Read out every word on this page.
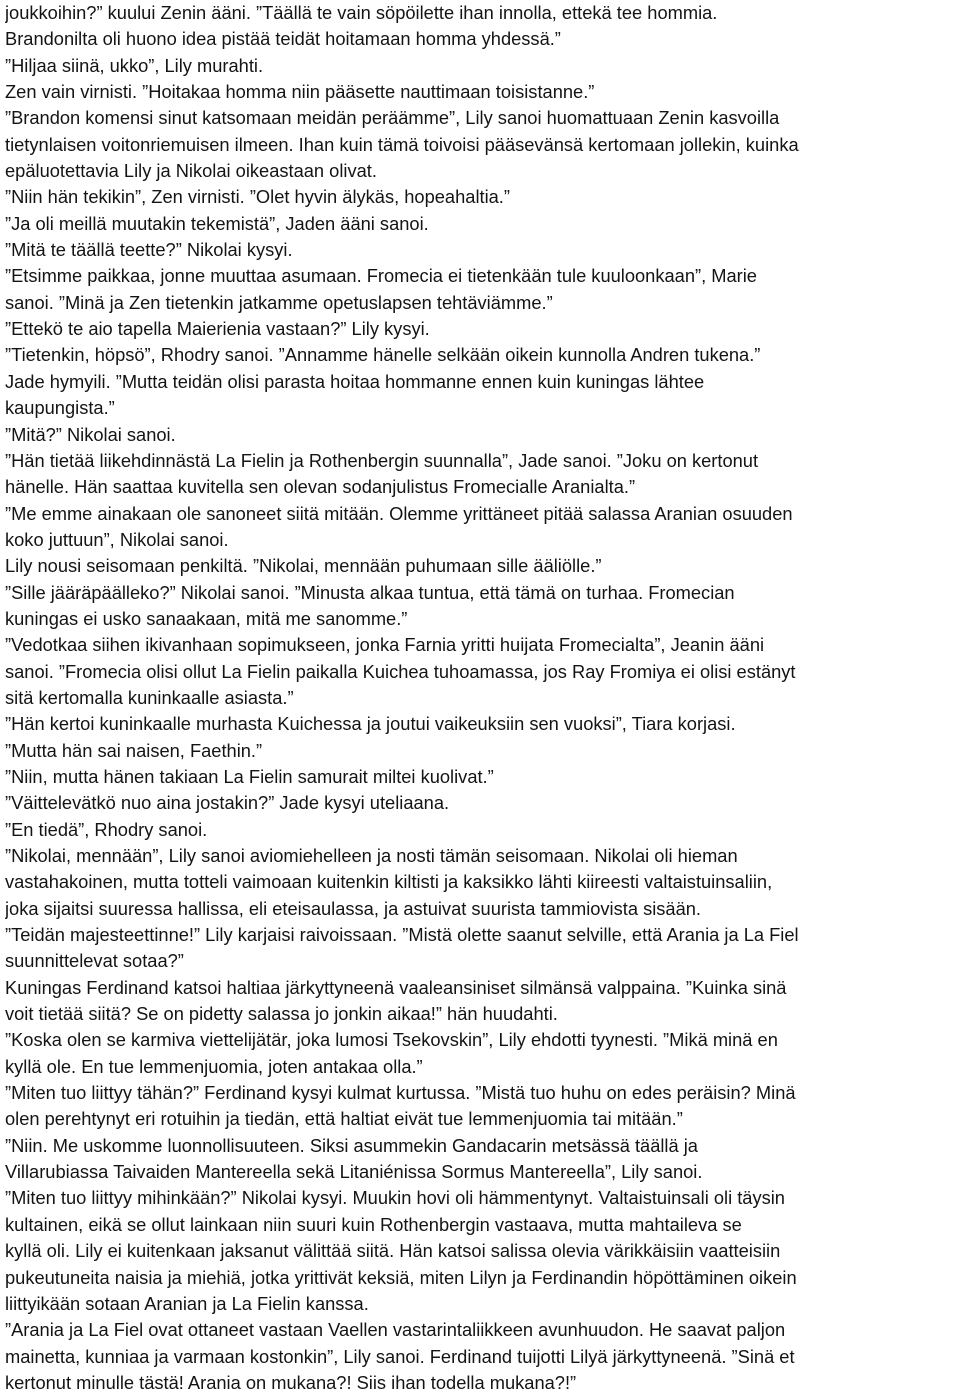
joukkoihin?” kuului Zenin ääni. ”Täällä te vain söpöilette ihan innolla, ettekä tee hommia.
Brandonilta oli huono idea pistää teidät hoitamaan homma yhdessä.”
”Hiljaa siinä, ukko”, Lily murahti.
Zen vain virnisti. ”Hoitakaa homma niin pääsette nauttimaan toisistanne.”
”Brandon komensi sinut katsomaan meidän peräämme”, Lily sanoi huomattuaan Zenin kasvoilla
tietynlaisen voitonriemuisen ilmeen. Ihan kuin tämä toivoisi pääsevänsä kertomaan jollekin, kuinka
epäluotettavia Lily ja Nikolai oikeastaan olivat.
”Niin hän tekikin”, Zen virnisti. ”Olet hyvin älykäs, hopeahaltia.”
”Ja oli meillä muutakin tekemistä”, Jaden ääni sanoi.
”Mitä te täällä teette?” Nikolai kysyi.
”Etsimme paikkaa, jonne muuttaa asumaan. Fromecia ei tietenkään tule kuuloonkaan”, Marie
sanoi. ”Minä ja Zen tietenkin jatkamme opetuslapsen tehtäviämme.”
”Ettekö te aio tapella Maierienia vastaan?” Lily kysyi.
”Tietenkin, höpsö”, Rhodry sanoi. ”Annamme hänelle selkään oikein kunnolla Andren tukena.”
Jade hymyili. ”Mutta teidän olisi parasta hoitaa hommanne ennen kuin kuningas lähtee
kaupungista.”
”Mitä?” Nikolai sanoi.
”Hän tietää liikehdinnästä La Fielin ja Rothenbergin suunnalla”, Jade sanoi. ”Joku on kertonut
hänelle. Hän saattaa kuvitella sen olevan sodanjulistus Fromecialle Aranialta.”
”Me emme ainakaan ole sanoneet siitä mitään. Olemme yrittäneet pitää salassa Aranian osuuden
koko juttuun”, Nikolai sanoi.
Lily nousi seisomaan penkiltä. ”Nikolai, mennään puhumaan sille ääliölle.”
”Sille jääräpäälleko?” Nikolai sanoi. ”Minusta alkaa tuntua, että tämä on turhaa. Fromecian
kuningas ei usko sanaakaan, mitä me sanomme.”
”Vedotkaa siihen ikivanhaan sopimukseen, jonka Farnia yritti huijata Fromecialta”, Jeanin ääni
sanoi. ”Fromecia olisi ollut La Fielin paikalla Kuichea tuhoamassa, jos Ray Fromiya ei olisi estänyt
sitä kertomalla kuninkaalle asiasta.”
”Hän kertoi kuninkaalle murhasta Kuichessa ja joutui vaikeuksiin sen vuoksi”, Tiara korjasi.
”Mutta hän sai naisen, Faethin.”
”Niin, mutta hänen takiaan La Fielin samurait miltei kuolivat.”
”Väittelevätkö nuo aina jostakin?” Jade kysyi uteliaana.
”En tiedä”, Rhodry sanoi.
”Nikolai, mennään”, Lily sanoi aviomiehelleen ja nosti tämän seisomaan. Nikolai oli hieman
vastahakoinen, mutta totteli vaimoaan kuitenkin kiltisti ja kaksikko lähti kiireesti valtaistuinsaliin,
joka sijaitsi suuressa hallissa, eli eteisaulassa, ja astuivat suurista tammiovista sisään.
”Teidän majesteettinne!” Lily karjaisi raivoissaan. ”Mistä olette saanut selville, että Arania ja La Fiel
suunnittelevat sotaa?”
Kuningas Ferdinand katsoi haltiaa järkyttyneenä vaaleansiniset silmänsä valppaina. ”Kuinka sinä
voit tietää siitä? Se on pidetty salassa jo jonkin aikaa!” hän huudahti.
”Koska olen se karmiva viettelijätär, joka lumosi Tsekovskin”, Lily ehdotti tyynesti. ”Mikä minä en
kyllä ole. En tue lemmenjuomia, joten antakaa olla.”
”Miten tuo liittyy tähän?” Ferdinand kysyi kulmat kurtussa. ”Mistä tuo huhu on edes peräisin? Minä
olen perehtynyt eri rotuihin ja tiedän, että haltiat eivät tue lemmenjuomia tai mitään.”
”Niin. Me uskomme luonnollisuuteen. Siksi asummekin Gandacarin metsässä täällä ja
Villarubiassa Taivaiden Mantereella sekä Litaniénissa Sormus Mantereella”, Lily sanoi.
”Miten tuo liittyy mihinkään?” Nikolai kysyi. Muukin hovi oli hämmentynyt. Valtaistuinsali oli täysin
kultainen, eikä se ollut lainkaan niin suuri kuin Rothenbergin vastaava, mutta mahtaileva se
kyllä oli. Lily ei kuitenkaan jaksanut välittää siitä. Hän katsoi salissa olevia värikkäisiin vaatteisiin
pukeutuneita naisia ja miehiä, jotka yrittivät keksiä, miten Lilyn ja Ferdinandin höpöttäminen oikein
liittyikään sotaan Aranian ja La Fielin kanssa.
”Arania ja La Fiel ovat ottaneet vastaan Vaellen vastarintaliikkeen avunhuudon. He saavat paljon
mainetta, kunniaa ja varmaan kostonkin”, Lily sanoi. Ferdinand tuijotti Lilyä järkyttyneenä. ”Sinä et
kertonut minulle tästä! Arania on mukana?! Siis ihan todella mukana?!”
